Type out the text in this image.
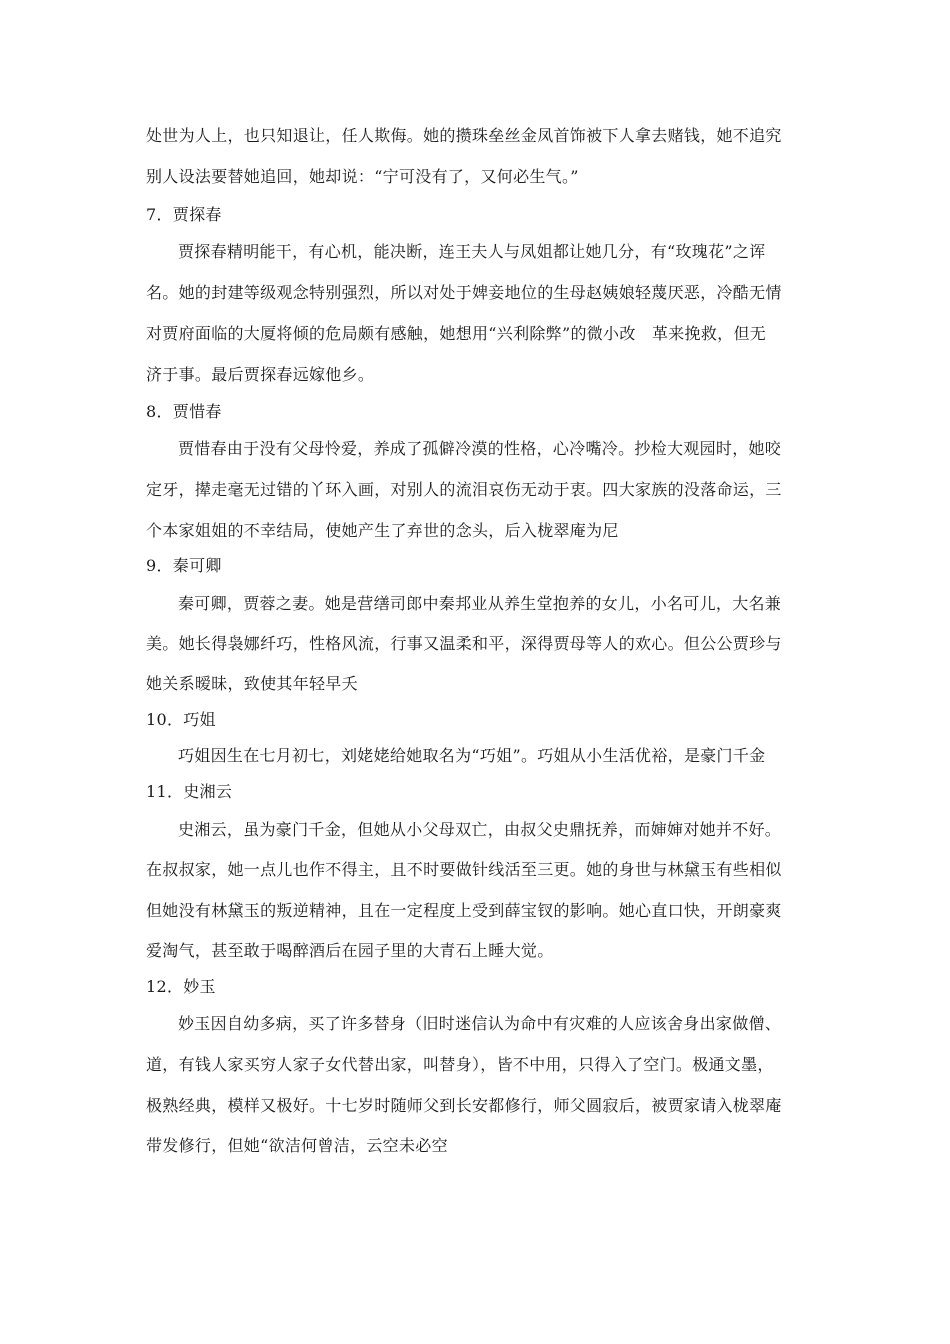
处世为人上，也只知退让，任人欺侮。她的攒珠垒丝金凤首饰被下人拿去赌钱，她不追究
别人设法要替她追回，她却说：“宁可没有了，又何必生气。”
7．贾探春
贾探春精明能干，有心机，能决断，连王夫人与凤姐都让她几分，有“玫瑰花”之诨
名。她的封建等级观念特别强烈，所以对处于婢妾地位的生母赵姨娘轻蔑厌恶，冷酷无情
对贾府面临的大厦将倾的危局颇有感触，她想用“兴利除弊”的微小改　革来挽救，但无
济于事。最后贾探春远嫁他乡。
8．贾惜春
贾惜春由于没有父母怜爱，养成了孤僻冷漠的性格，心冷嘴冷。抄检大观园时，她咬
定牙，撵走毫无过错的丫环入画，对别人的流泪哀伤无动于衷。四大家族的没落命运，三
个本家姐姐的不幸结局，使她产生了弃世的念头，后入栊翠庵为尼
9．秦可卿
秦可卿，贾蓉之妻。她是营缮司郎中秦邦业从养生堂抱养的女儿，小名可儿，大名兼
美。她长得袅娜纤巧，性格风流，行事又温柔和平，深得贾母等人的欢心。但公公贾珍与
她关系暧昧，致使其年轻早夭
10．巧姐
巧姐因生在七月初七，刘姥姥给她取名为“巧姐”。巧姐从小生活优裕，是豪门千金
11．史湘云
史湘云，虽为豪门千金，但她从小父母双亡，由叔父史鼎抚养，而婶婶对她并不好。
在叔叔家，她一点儿也作不得主，且不时要做针线活至三更。她的身世与林黛玉有些相似
但她没有林黛玉的叛逆精神，且在一定程度上受到薛宝钗的影响。她心直口快，开朗豪爽
爱淘气，甚至敢于喝醉酒后在园子里的大青石上睡大觉。
12．妙玉
妙玉因自幼多病，买了许多替身（旧时迷信认为命中有灾难的人应该舍身出家做僧、
道，有钱人家买穷人家子女代替出家，叫替身），皆不中用，只得入了空门。极通文墨，
极熟经典，模样又极好。十七岁时随师父到长安都修行，师父圆寂后，被贾家请入栊翠庵
带发修行，但她“欲洁何曾洁，云空未必空
